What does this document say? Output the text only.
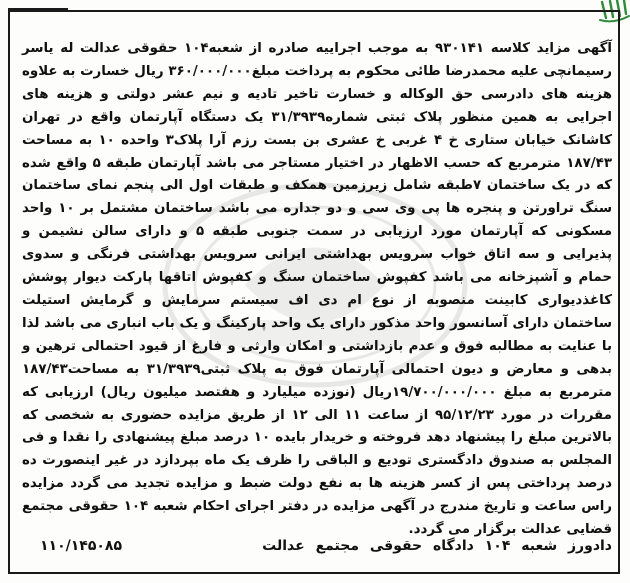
آگهی مزاید کلاسه ۹۳۰۱۴۱ به موجب اجراییه صادره از شعبه۱۰۴ حقوقی عدالت له یاسر رسیمانچی علیه محمدرضا طائی محکوم به پرداخت مبلغ۳۶۰/۰۰۰/۰۰۰ ریال خسارت به علاوه هزینه های دادرسی حق الوکاله و خسارت تاخیر تادیه و نیم عشر دولتی و هزینه های اجرایی به همین منظور پلاک ثبتی شماره۳۱/۳۹۳۹ یک دستگاه آپارتمان واقع در تهران کاشانک خیابان ستاری خ ۴ غربی خ عشری بن بست رزم آرا پلاک۳ واحده ۱۰ به مساحت ۱۸۷/۴۳ مترمربع که حسب الاظهار در اختیار مستاجر می باشد آپارتمان طبقه ۵ واقع شده که در یک ساختمان ۷طبقه شامل زیرزمین همکف و طبقات اول الی پنجم نمای ساختمان سنگ تراورتن و پنجره ها پی وی سی و دو جداره می باشد ساختمان مشتمل بر ۱۰ واحد مسکونی که آپارتمان مورد ارزیابی در سمت جنوبی طبقه ۵ و دارای سالن نشیمن و پذیرایی و سه اتاق خواب سرویس بهداشتی ایرانی سرویس بهداشتی فرنگی و سدوی حمام و آشپزخانه می باشد کفپوش ساختمان سنگ و کفپوش اتاقها پارکت دیوار پوشش کاغذدیواری کابینت منصوبه از نوع ام دی اف سیستم سرمایش و گرمایش استیلت ساختمان دارای آسانسور واحد مذکور دارای یک واحد پارکینگ و یک باب انباری می باشد لذا با عنایت به مطالبه فوق و عدم بازداشتی و امکان وارثی و فارغ از قیود احتمالی ترهین و بدهی و معارض و دیون احتمالی آپارتمان فوق به پلاک ثبتی۳۱/۳۹۳۹ به مساحت۱۸۷/۴۳ مترمربع به مبلغ ۱۹/۷۰۰/۰۰۰/۰۰۰ریال (نوزده میلیارد و هفتصد میلیون ریال) ارزیابی که مقررات در مورد ۹۵/۱۲/۲۳ از ساعت ۱۱ الی ۱۲ از طریق مزایده حضوری به شخصی که بالاترین مبلغ را پیشنهاد دهد فروخته و خریدار بایده ۱۰ درصد مبلغ پیشنهادی را نقدا و فی المجلس به صندوق دادگستری تودیع و الباقی را ظرف یک ماه بپردازد در غیر اینصورت ده درصد پرداختی پس از کسر هزینه ها به نفع دولت ضبط و مزایده تجدید می گردد مزایده راس ساعت و تاریخ مندرج در آگهی مزایده در دفتر اجرای احکام شعبه ۱۰۴ حقوقی مجتمع قضایی عدالت برگزار می گردد.

دادورز شعبه ۱۰۴ دادگاه حقوقی مجتمع عدالت
۱۱۰/۱۴۵۰۸۵
